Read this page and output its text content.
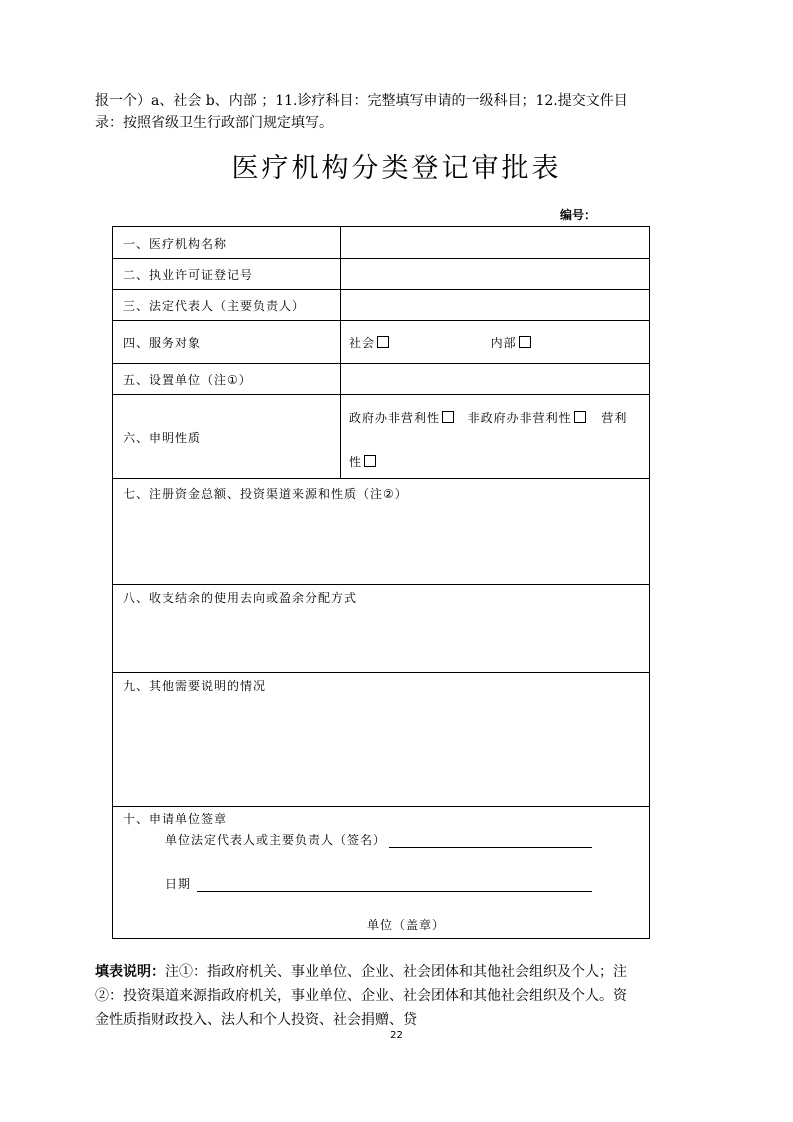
报一个）a、社会 b、内部 ；11.诊疗科目：完整填写申请的一级科目；12.提交文件目
录：按照省级卫生行政部门规定填写。
医疗机构分类登记审批表
编号：
一、医疗机构名称
二、执业许可证登记号
三、法定代表人（主要负责人）
四、服务对象
五、设置单位（注①）
六、申明性质
社会	内部
政府办非营利性 非政府办非营利性 营利
性
七、注册资金总额、投资渠道来源和性质（注②）
八、收支结余的使用去向或盈余分配方式
九、其他需要说明的情况
十、申请单位签章
单位法定代表人或主要负责人（签名）
日期
单位（盖章）
填表说明：注①：指政府机关、事业单位、企业、社会团体和其他社会组织及个人；注
②：投资渠道来源指政府机关，事业单位、企业、社会团体和其他社会组织及个人。资
金性质指财政投入、法人和个人投资、社会捐赠、贷
22
